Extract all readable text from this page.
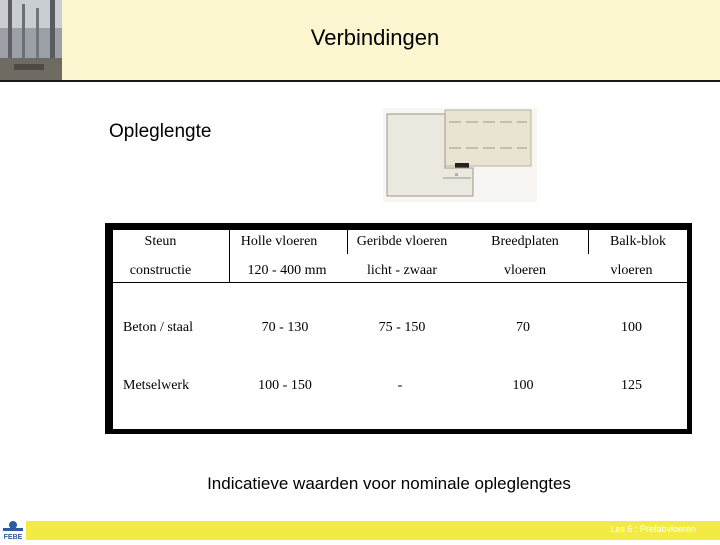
Verbindingen
Opleglengte
a
Steun	Holle vloeren	Geribde vloeren	Breedplaten	Balk-blok
constructie	120 - 400 mm	licht - zwaar	vloeren	vloeren
Beton / staal	70 - 130	75 - 150	70	100
Metselwerk	100 - 150	-	100	125
Indicatieve waarden voor nominale opleglengtes
FEBE
Les 6 : Prefabvloeren
